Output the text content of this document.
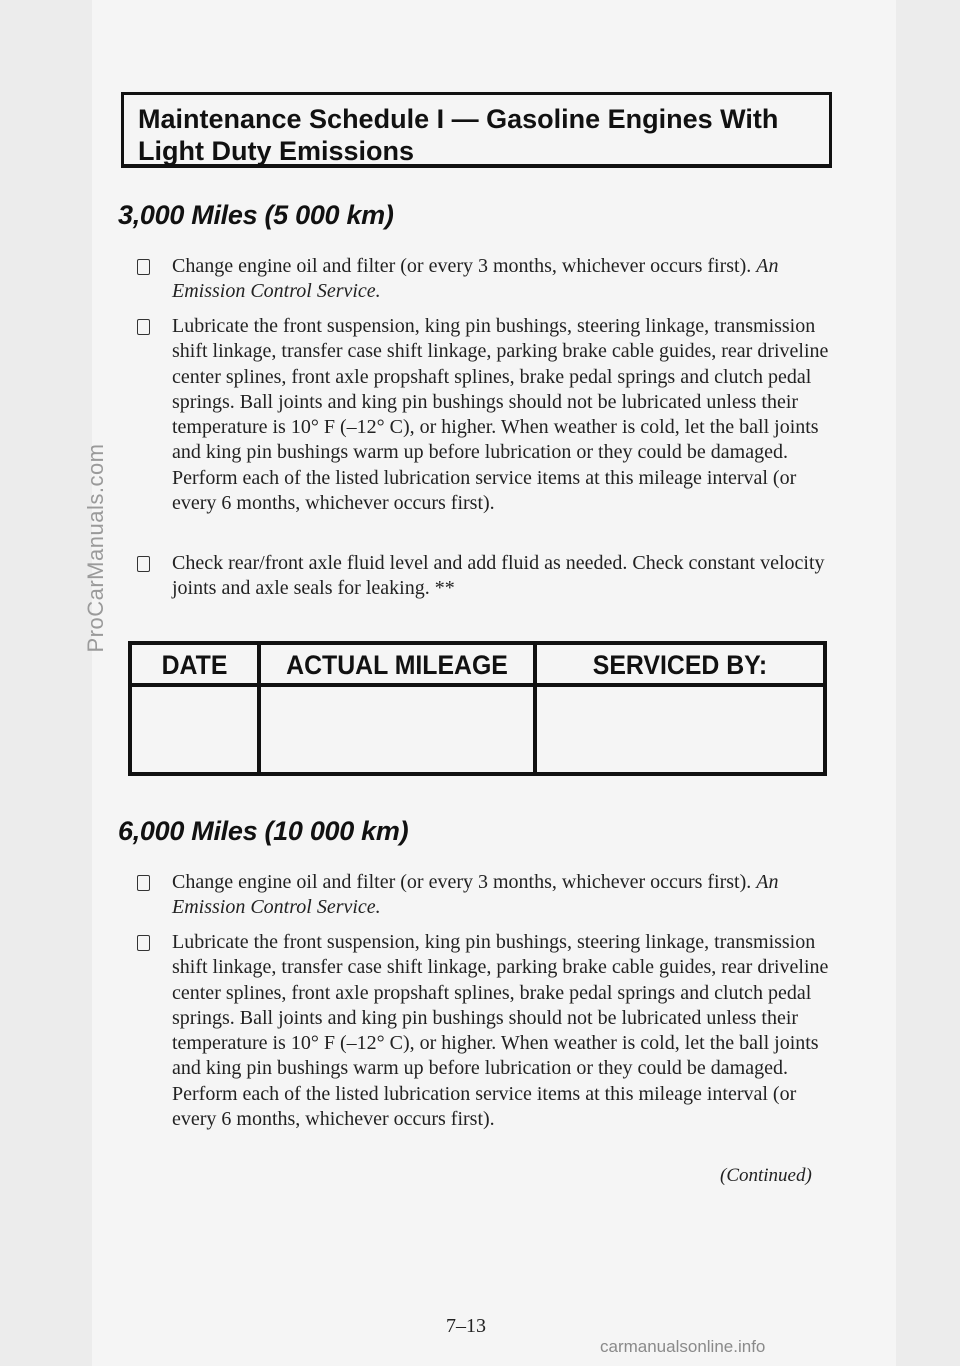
ProCarManuals.com
Maintenance Schedule I — Gasoline Engines With
Light Duty Emissions
3,000 Miles (5 000 km)
Change engine oil and filter (or every 3 months, whichever occurs first). An Emission Control Service.
Lubricate the front suspension, king pin bushings, steering linkage, transmission shift linkage, transfer case shift linkage, parking brake cable guides, rear driveline center splines, front axle propshaft splines, brake pedal springs and clutch pedal springs. Ball joints and king pin bushings should not be lubricated unless their temperature is 10° F (–12° C), or higher. When weather is cold, let the ball joints and king pin bushings warm up before lubrication or they could be damaged. Perform each of the listed lubrication service items at this mileage interval (or every 6 months, whichever occurs first).
Check rear/front axle fluid level and add fluid as needed. Check constant velocity joints and axle seals for leaking. **
DATE	ACTUAL MILEAGE	SERVICED BY:

6,000 Miles (10 000 km)
Change engine oil and filter (or every 3 months, whichever occurs first). An Emission Control Service.
Lubricate the front suspension, king pin bushings, steering linkage, transmission shift linkage, transfer case shift linkage, parking brake cable guides, rear driveline center splines, front axle propshaft splines, brake pedal springs and clutch pedal springs. Ball joints and king pin bushings should not be lubricated unless their temperature is 10° F (–12° C), or higher. When weather is cold, let the ball joints and king pin bushings warm up before lubrication or they could be damaged. Perform each of the listed lubrication service items at this mileage interval (or every 6 months, whichever occurs first).
(Continued)
7–13
carmanualsonline.info
